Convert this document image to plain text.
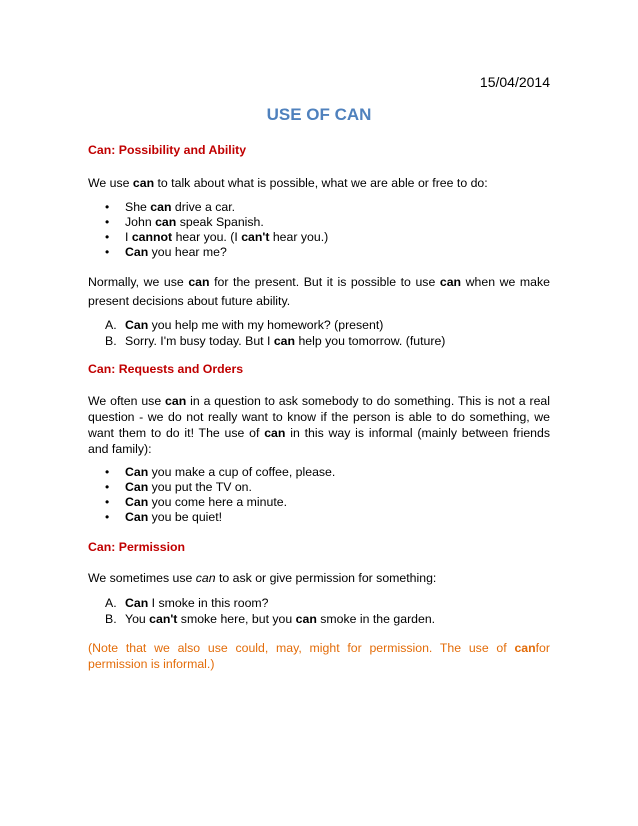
15/04/2014
USE OF CAN
Can: Possibility and Ability
We use can to talk about what is possible, what we are able or free to do:
• She can drive a car.
• John can speak Spanish.
• I cannot hear you. (I can't hear you.)
• Can you hear me?
Normally, we use can for the present. But it is possible to use can when we make present decisions about future ability.
A. Can you help me with my homework? (present)
B. Sorry. I'm busy today. But I can help you tomorrow. (future)
Can: Requests and Orders
We often use can in a question to ask somebody to do something. This is not a real question - we do not really want to know if the person is able to do something, we want them to do it! The use of can in this way is informal (mainly between friends and family):
• Can you make a cup of coffee, please.
• Can you put the TV on.
• Can you come here a minute.
• Can you be quiet!
Can: Permission
We sometimes use can to ask or give permission for something:
A. Can I smoke in this room?
B. You can't smoke here, but you can smoke in the garden.
(Note that we also use could, may, might for permission. The use of canfor permission is informal.)
